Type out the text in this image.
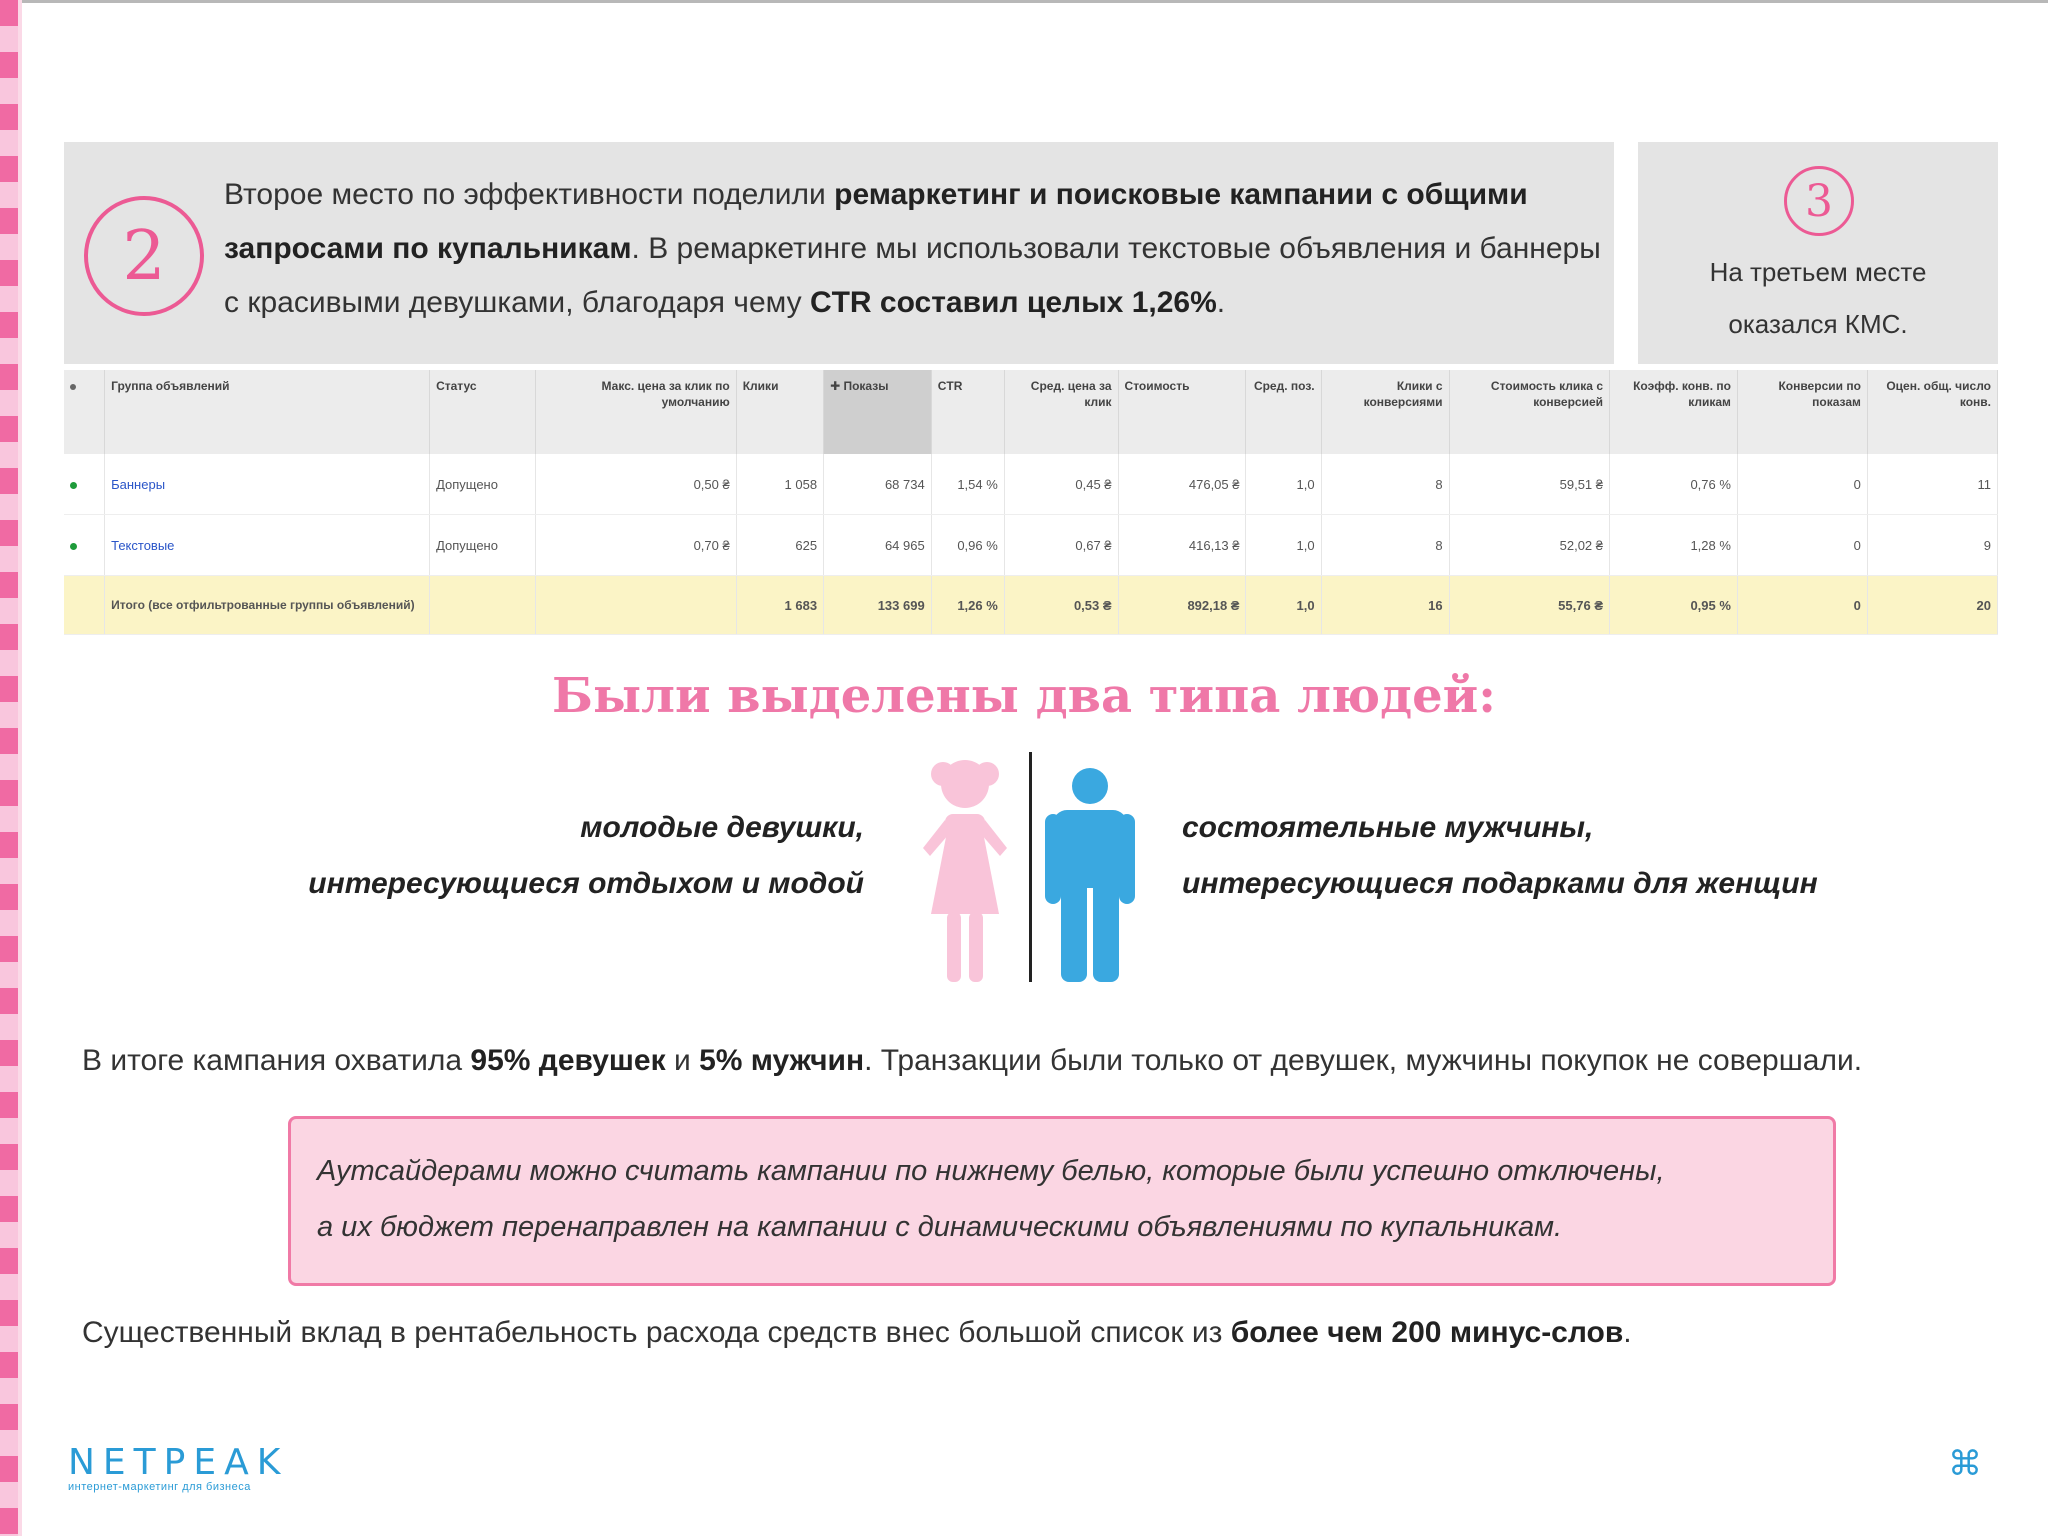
2
Второе место по эффективности поделили ремаркетинг и поисковые кампании с общими запросами по купальникам. В ремаркетинге мы использовали текстовые объявления и баннеры с красивыми девушками, благодаря чему CTR составил целых 1,26%.
3
На третьем месте
оказался КМС.
	Группа объявлений	Статус	Макс. цена за клик по умолчанию	Клики	✚ Показы	CTR	Сред. цена за клик	Стоимость	Сред. поз.	Клики с конверсиями	Стоимость клика с конверсией	Коэфф. конв. по кликам	Конверсии по показам	Оцен. общ. число конв.
	Баннеры	Допущено	0,50 ₴	1 058	68 734	1,54 %	0,45 ₴	476,05 ₴	1,0	8	59,51 ₴	0,76 %	0	11
	Текстовые	Допущено	0,70 ₴	625	64 965	0,96 %	0,67 ₴	416,13 ₴	1,0	8	52,02 ₴	1,28 %	0	9
	Итого (все отфильтрованные группы объявлений)			1 683	133 699	1,26 %	0,53 ₴	892,18 ₴	1,0	16	55,76 ₴	0,95 %	0	20
Были выделены два типа людей:
молодые девушки,
интересующиеся отдыхом и модой
состоятельные мужчины,
интересующиеся подарками для женщин
В итоге кампания охватила 95% девушек и 5% мужчин. Транзакции были только от девушек, мужчины покупок не совершали.
Аутсайдерами можно считать кампании по нижнему белью, которые были успешно отключены,
а их бюджет перенаправлен на кампании с динамическими объявлениями по купальникам.
Существенный вклад в рентабельность расхода средств внес большой список из более чем 200 минус-слов.
NETPEAK
интернет-маркетинг для бизнеса
⌘
